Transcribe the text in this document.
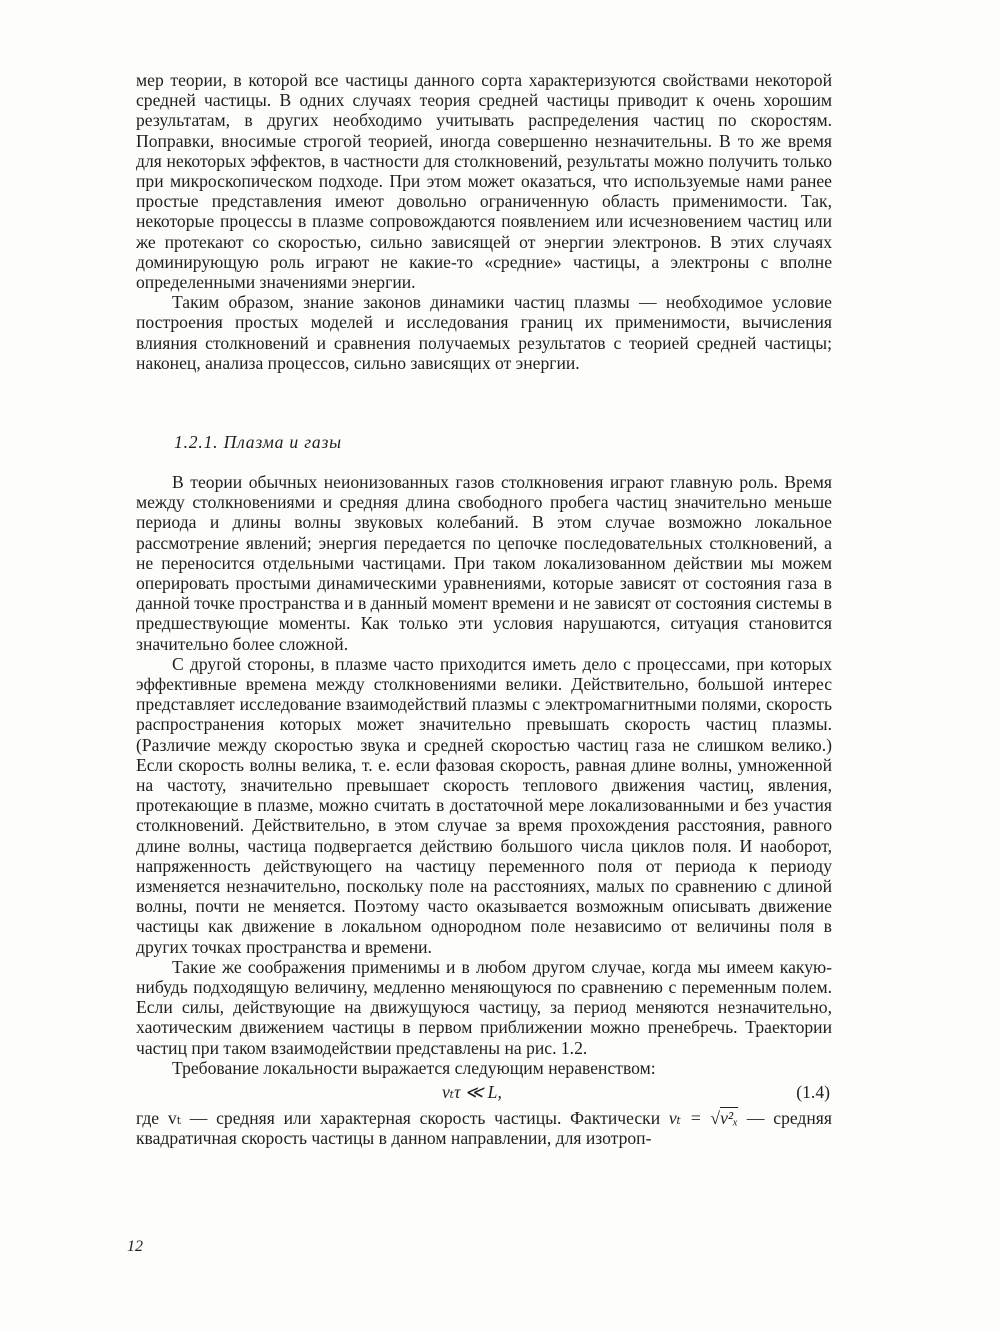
мер теории, в которой все частицы данного сорта характеризуются свойствами некоторой средней частицы. В одних случаях теория средней частицы приводит к очень хорошим результатам, в других необходимо учитывать распределения частиц по скоростям. Поправки, вносимые строгой теорией, иногда совершенно незначительны. В то же время для некоторых эффектов, в частности для столкновений, результаты можно получить только при микроскопическом подходе. При этом может оказаться, что используемые нами ранее простые представления имеют довольно ограниченную область применимости. Так, некоторые процессы в плазме сопровождаются появлением или исчезновением частиц или же протекают со скоростью, сильно зависящей от энергии электронов. В этих случаях доминирующую роль играют не какие-то «средние» частицы, а электроны с вполне определенными значениями энергии.

Таким образом, знание законов динамики частиц плазмы — необходимое условие построения простых моделей и исследования границ их применимости, вычисления влияния столкновений и сравнения получаемых результатов с теорией средней частицы; наконец, анализа процессов, сильно зависящих от энергии.

1.2.1. Плазма и газы

В теории обычных неионизованных газов столкновения играют главную роль. Время между столкновениями и средняя длина свободного пробега частиц значительно меньше периода и длины волны звуковых колебаний. В этом случае возможно локальное рассмотрение явлений; энергия передается по цепочке последовательных столкновений, а не переносится отдельными частицами. При таком локализованном действии мы можем оперировать простыми динамическими уравнениями, которые зависят от состояния газа в данной точке пространства и в данный момент времени и не зависят от состояния системы в предшествующие моменты. Как только эти условия нарушаются, ситуация становится значительно более сложной.

С другой стороны, в плазме часто приходится иметь дело с процессами, при которых эффективные времена между столкновениями велики. Действительно, большой интерес представляет исследование взаимодействий плазмы с электромагнитными полями, скорость распространения которых может значительно превышать скорость частиц плазмы. (Различие между скоростью звука и средней скоростью частиц газа не слишком велико.) Если скорость волны велика, т. е. если фазовая скорость, равная длине волны, умноженной на частоту, значительно превышает скорость теплового движения частиц, явления, протекающие в плазме, можно считать в достаточной мере локализованными и без участия столкновений. Действительно, в этом случае за время прохождения расстояния, равного длине волны, частица подвергается действию большого числа циклов поля. И наоборот, напряженность действующего на частицу переменного поля от периода к периоду изменяется незначительно, поскольку поле на расстояниях, малых по сравнению с длиной волны, почти не меняется. Поэтому часто оказывается возможным описывать движение частицы как движение в локальном однородном поле независимо от величины поля в других точках пространства и времени.

Такие же соображения применимы и в любом другом случае, когда мы имеем какую-нибудь подходящую величину, медленно меняющуюся по сравнению с переменным полем. Если силы, действующие на движущуюся частицу, за период меняются незначительно, хаотическим движением частицы в первом приближении можно пренебречь. Траектории частиц при таком взаимодействии представлены на рис. 1.2.

Требование локальности выражается следующим неравенством:

vₜτ ≪ L,	(1.4)

где vₜ — средняя или характерная скорость частицы. Фактически vₜ = √v²ₓ — средняя квадратичная скорость частицы в данном направлении, для изотроп-

12
